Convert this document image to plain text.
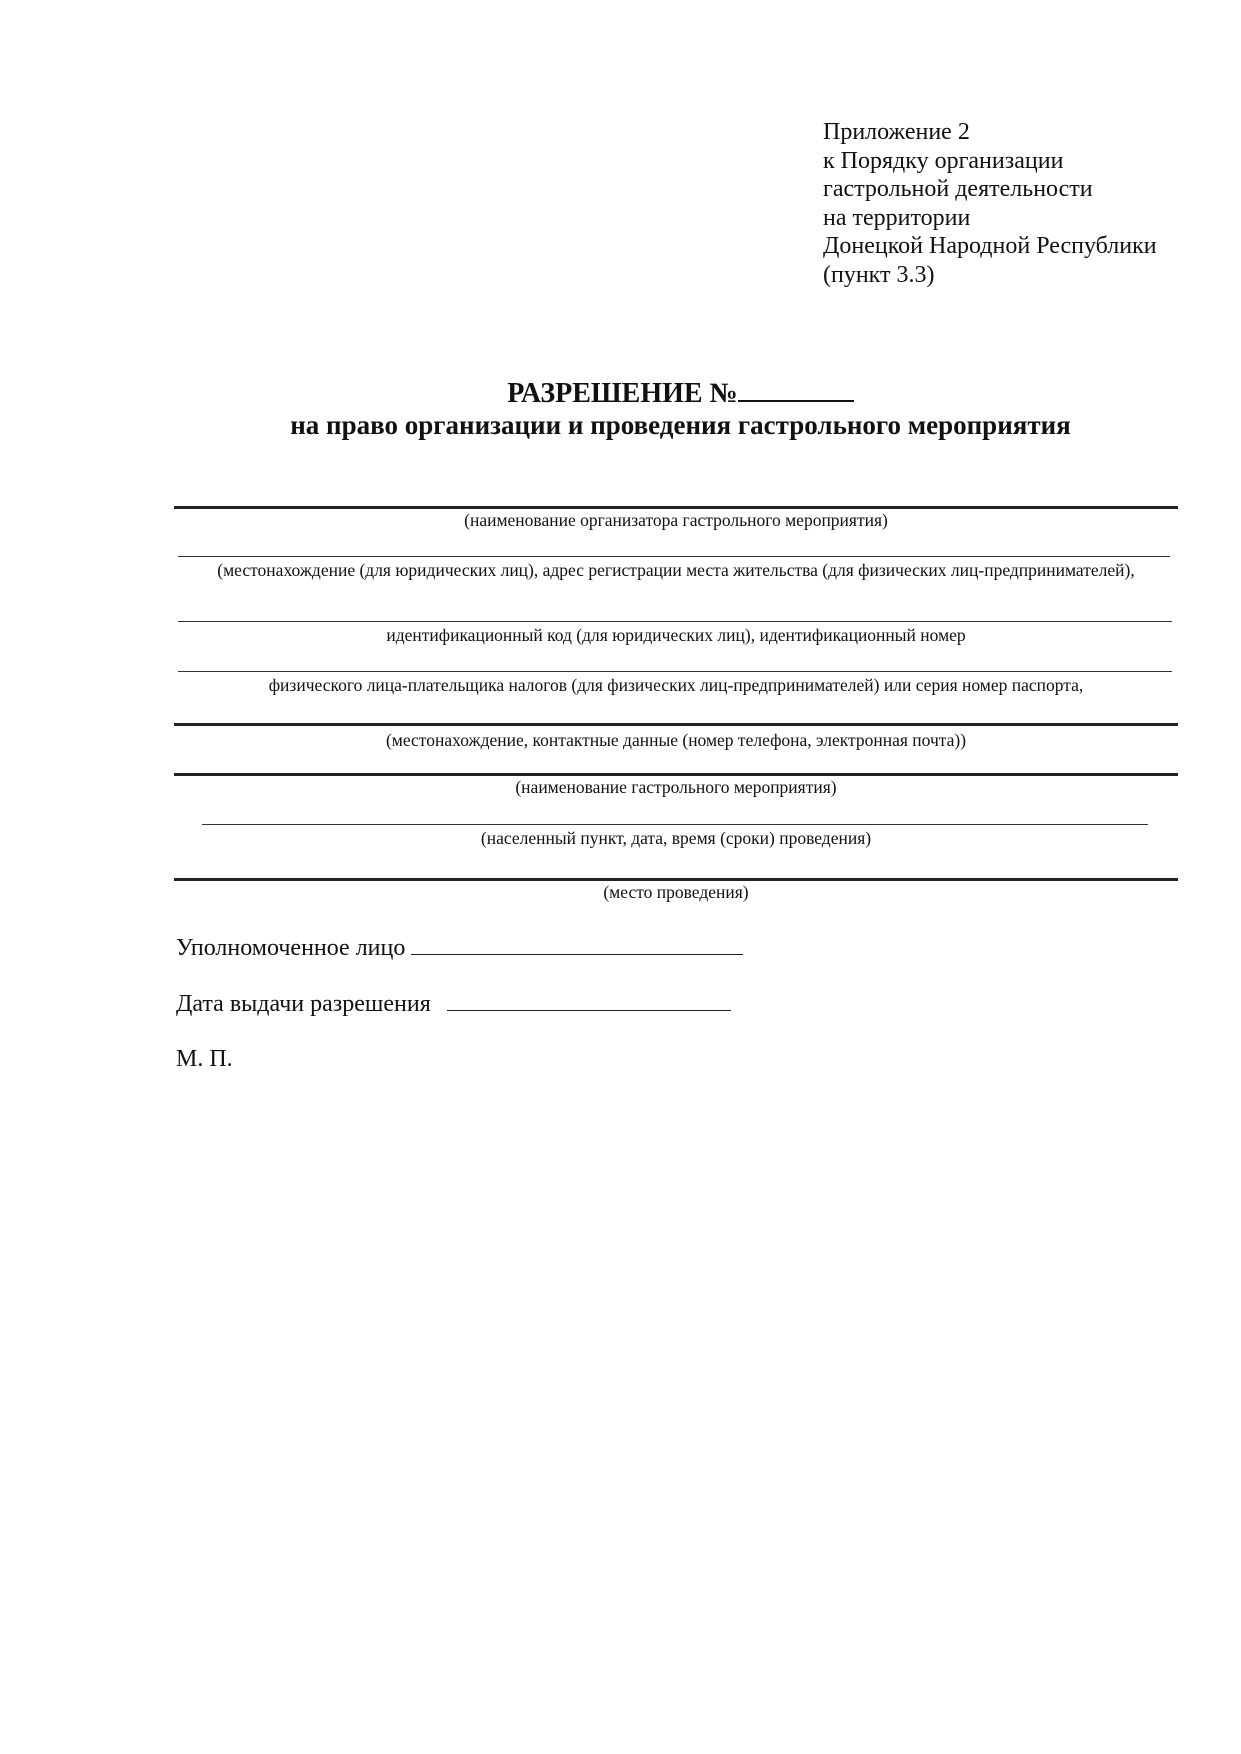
Приложение 2
к Порядку организации
гастрольной деятельности
на территории
Донецкой Народной Республики
(пункт 3.3)
РАЗРЕШЕНИЕ №
на право организации и проведения гастрольного мероприятия
(наименование организатора гастрольного мероприятия)
(местонахождение (для юридических лиц), адрес регистрации места жительства (для физических лиц-предпринимателей),
идентификационный код (для юридических лиц), идентификационный номер
физического лица-плательщика налогов (для физических лиц-предпринимателей) или серия номер паспорта,
(местонахождение, контактные данные (номер телефона, электронная почта))
(наименование гастрольного мероприятия)
(населенный пункт, дата, время (сроки) проведения)
(место проведения)
Уполномоченное лицо
Дата выдачи разрешения
М. П.
